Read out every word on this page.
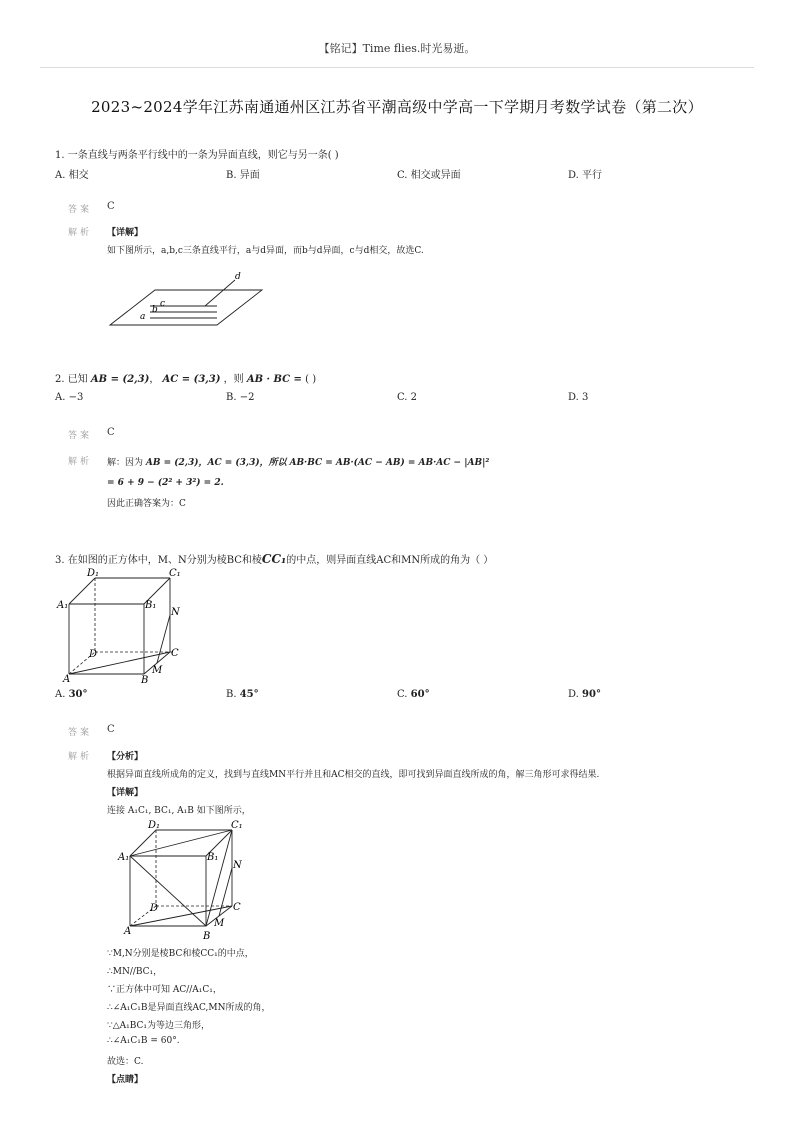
【铭记】Time flies.时光易逝。
2023~2024学年江苏南通通州区江苏省平潮高级中学高一下学期月考数学试卷（第二次）
1. 一条直线与两条平行线中的一条为异面直线，则它与另一条( )
A. 相交	B. 异面	C. 相交或异面	D. 平行
答案 C
解析 【详解】
如下图所示，a,b,c三条直线平行，a与d异面，而b与d异面，c与d相交，故选C.
c
b
a
d
2. 已知 AB = (2,3)， AC = (3,3) ，则 AB · BC = ( )
A. −3	B. −2	C. 2	D. 3
答案 C
解析 解：因为 AB = (2,3)，AC = (3,3)，所以 AB·BC = AB·(AC − AB) = AB·AC − |AB|²
= 6 + 9 − (2² + 3²) = 2.
因此正确答案为：C
3. 在如图的正方体中，M、N分别为棱BC和棱CC₁的中点，则异面直线AC和MN所成的角为（ ）
D₁	C₁
A₁	B₁
N
D	C
A	B
M
A. 30°	B. 45°	C. 60°	D. 90°
答案 C
解析 【分析】
根据异面直线所成角的定义，找到与直线MN平行并且和AC相交的直线，即可找到异面直线所成的角，解三角形可求得结果.
【详解】
连接 A₁C₁, BC₁, A₁B 如下图所示，
D₁	C₁
A₁	B₁
N
D	C
A	B
M
∵M,N分别是棱BC和棱CC₁的中点，
∴MN//BC₁，
∵正方体中可知 AC//A₁C₁，
∴∠A₁C₁B是异面直线AC,MN所成的角，
∵△A₁BC₁为等边三角形，
∴∠A₁C₁B = 60°.
故选：C.
【点睛】
